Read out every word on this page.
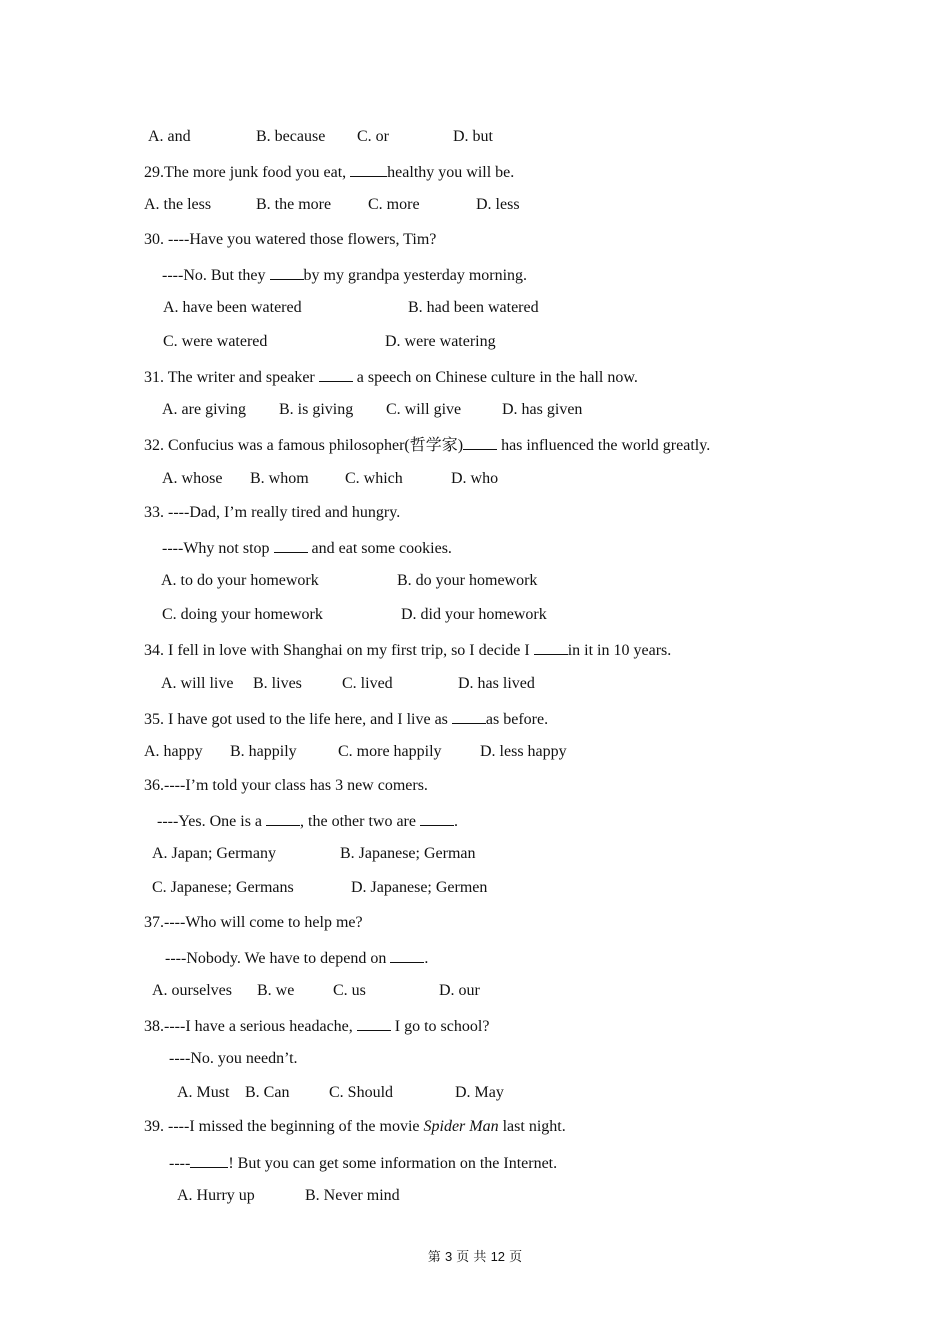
A. and	B. because C. or	D. but
29.The more junk food you eat, healthy you will be.
A. the less	B. the more C. more	D. less
30. ----Have you watered those flowers, Tim?
----No. But they by my grandpa yesterday morning.
A. have been watered	B. had been watered
C. were watered	D. were watering
31. The writer and speaker  a speech on Chinese culture in the hall now.
A. are giving B. is giving C. will give	D. has given
32. Confucius was a famous philosopher(哲学家) has influenced the world greatly.
A. whose B. whom C. which	D. who
33. ----Dad, I’m really tired and hungry.
----Why not stop  and eat some cookies.
A. to do your homework	B. do your homework
C. doing your homework	D. did your homework
34. I fell in love with Shanghai on my first trip, so I decide I in it in 10 years.
A. will live B. lives	C. lived	D. has lived
35. I have got used to the life here, and I live as as before.
A. happy B. happily	C. more happily D. less happy
36.----I’m told your class has 3 new comers.
----Yes. One is a , the other two are .
A. Japan; Germany	B. Japanese; German
C. Japanese; Germans	D. Japanese; Germen
37.----Who will come to help me?
----Nobody. We have to depend on .
A. ourselves B. we C. us	D. our
38.----I have a serious headache,  I go to school?
----No. you needn’t.
A. Must B. Can C. Should	D. May
39. ----I missed the beginning of the movie Spider Man last night.
---- ! But you can get some information on the Internet.
A. Hurry up	B. Never mind
第 3 页 共 12 页
